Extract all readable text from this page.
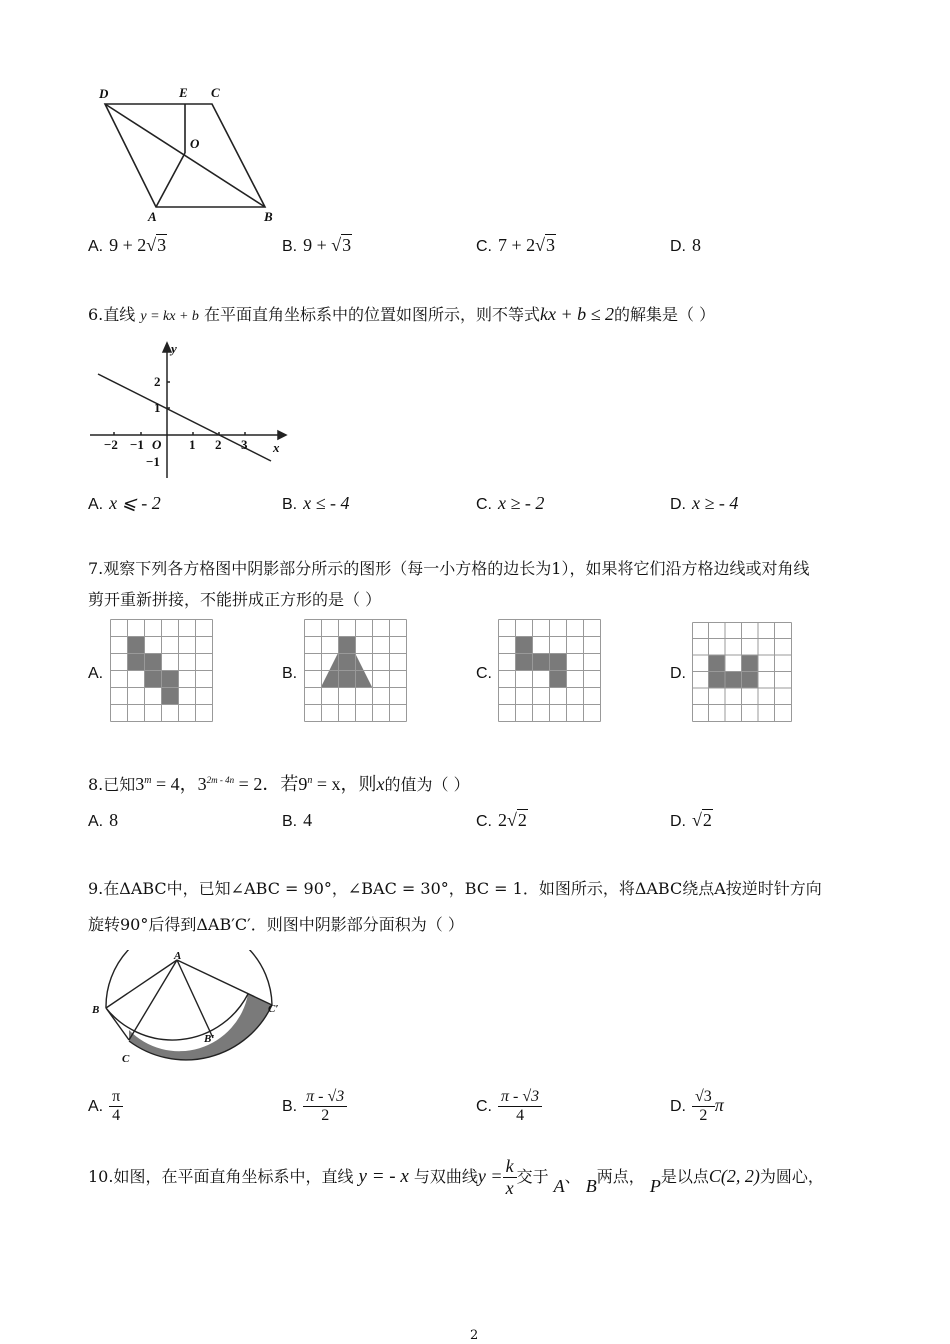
D	E C
O
A	B
A. 9 + 2√3	B. 9 + √3	C. 7 + 2√3	D. 8
6.直线 y = kx + b 在平面直角坐标系中的位置如图所示，则不等式kx + b ≤ 2的解集是（ ）
y
x
O
−2 −1	1 2 3
2
1
−1
A. x ⩽ - 2	B. x ≤ - 4	C. x ≥ - 2	D. x ≥ - 4
7.观察下列各方格图中阴影部分所示的图形（每一小方格的边长为1），如果将它们沿方格边线或对角线
剪开重新拼接，不能拼成正方形的是（ ）
A.	B.	C.	D.
8.已知$3^m = 4$，$3^{2m - 4n} = 2$．若$9^n = x$，则x的值为（ ）
A. 8	B. 4	C. 2√2	D. √2
9.在ΔABC中，已知∠ABC = 90°，∠BAC = 30°，BC = 1．如图所示，将ΔABC绕点A按逆时针方向
旋转90°后得到ΔAB′C′．则图中阴影部分面积为（ ）
A
B
C
B′
C′
A. $\frac{\pi}{4}$	B. $\frac{\pi - √3}{2}$	C. $\frac{\pi - √3}{4}$	D. $\frac{√3}{2}$ π
10.如图，在平面直角坐标系中，直线 y = - x 与双曲线$y = \frac{k}{x}$ 交于 A、 B两点， P是以点C(2, 2)为圆心，
2
